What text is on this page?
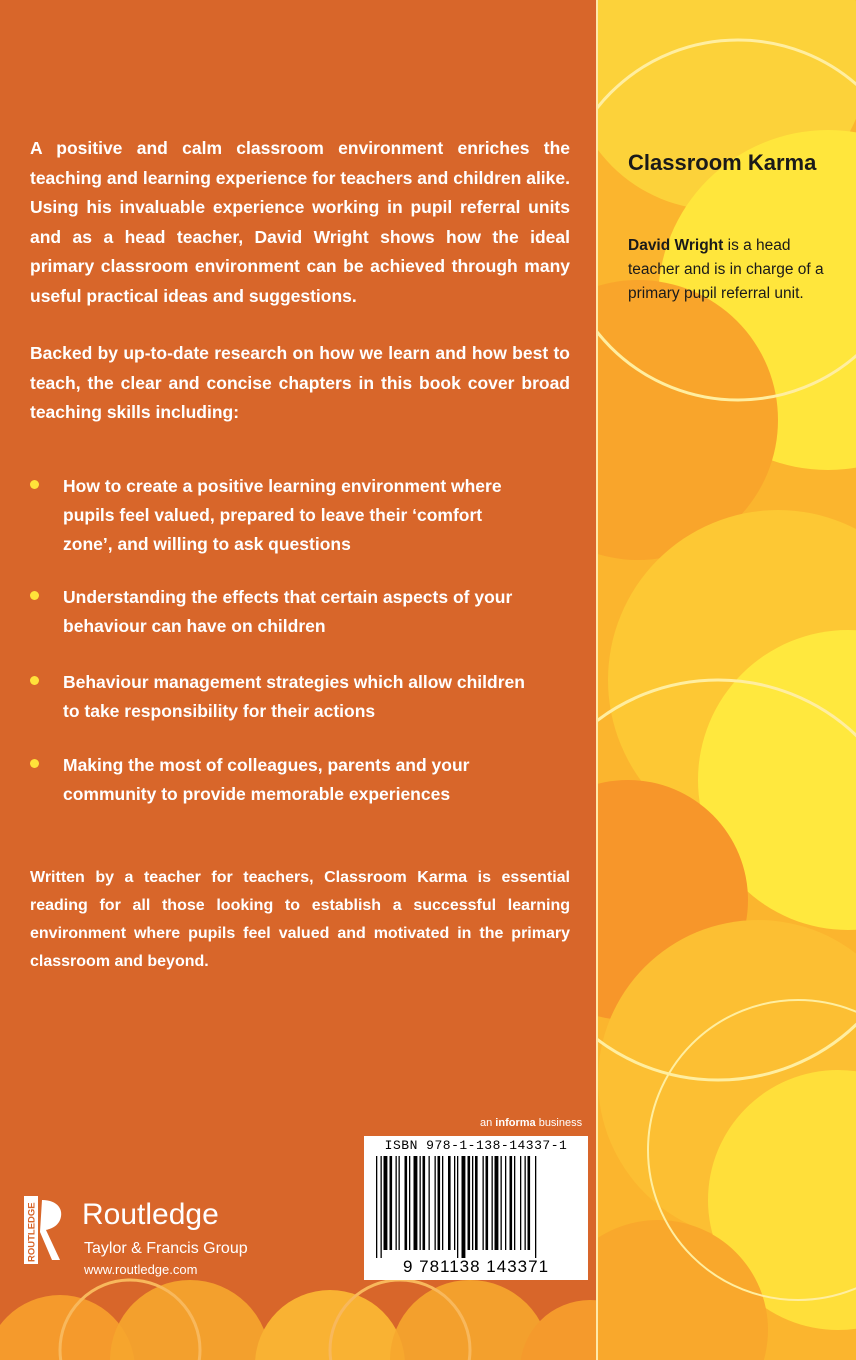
A positive and calm classroom environment enriches the teaching and learning experience for teachers and children alike. Using his invaluable experience working in pupil referral units and as a head teacher, David Wright shows how the ideal primary classroom environment can be achieved through many useful practical ideas and suggestions.
Backed by up-to-date research on how we learn and how best to teach, the clear and concise chapters in this book cover broad teaching skills including:
How to create a positive learning environment where pupils feel valued, prepared to leave their ‘comfort zone’, and willing to ask questions
Understanding the effects that certain aspects of your behaviour can have on children
Behaviour management strategies which allow children to take responsibility for their actions
Making the most of colleagues, parents and your community to provide memorable experiences
Written by a teacher for teachers, Classroom Karma is essential reading for all those looking to establish a successful learning environment where pupils feel valued and motivated in the primary classroom and beyond.
Classroom Karma
David Wright is a head teacher and is in charge of a primary pupil referral unit.
an informa business
ISBN 978-1-138-14337-1
9 781138 143371
ROUTLEDGE Routledge
Taylor & Francis Group
www.routledge.com
